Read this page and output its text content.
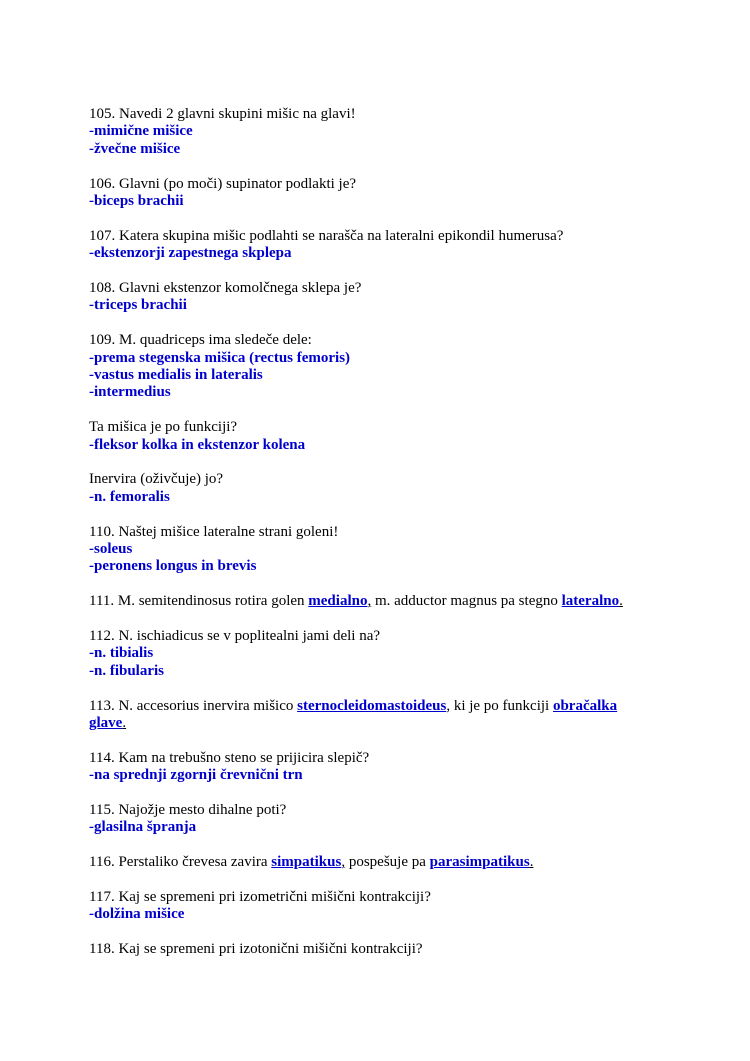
105. Navedi 2 glavni skupini mišic na glavi!
-mimične mišice
-žvečne mišice
106. Glavni (po moči) supinator podlakti je?
-biceps brachii
107. Katera skupina mišic podlahti se narašča na lateralni epikondil humerusa?
-ekstenzorji zapestnega skplepa
108. Glavni ekstenzor komolčnega sklepa je?
-triceps brachii
109. M. quadriceps ima sledeče dele:
-prema stegenska mišica (rectus femoris)
-vastus medialis in lateralis
-intermedius
Ta mišica je po funkciji?
-fleksor kolka in ekstenzor kolena
Inervira (oživčuje) jo?
-n. femoralis
110. Naštej mišice lateralne strani goleni!
-soleus
-peronens longus in brevis
111. M. semitendinosus rotira golen medialno, m. adductor magnus pa stegno lateralno.
112. N. ischiadicus se v poplitealni jami deli na?
-n. tibialis
-n. fibularis
113. N. accesorius inervira mišico sternocleidomastoideus, ki je po funkciji obračalka
glave.
114. Kam na trebušno steno se prijicira slepič?
-na sprednji zgornji črevnični trn
115. Najožje mesto dihalne poti?
-glasilna špranja
116. Perstaliko črevesa zavira simpatikus, pospešuje pa parasimpatikus.
117. Kaj se spremeni pri izometrični mišični kontrakciji?
-dolžina mišice
118. Kaj se spremeni pri izotonični mišični kontrakciji?
